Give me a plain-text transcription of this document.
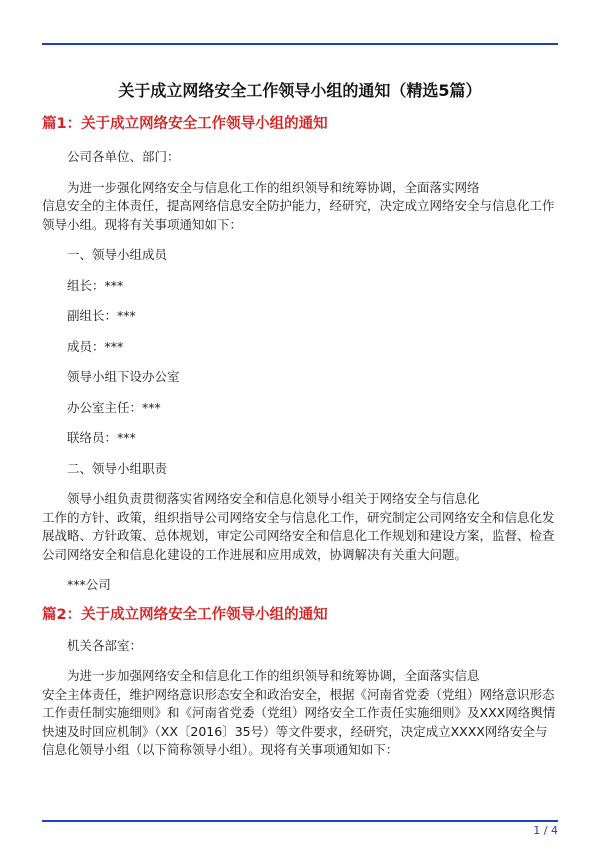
关于成立网络安全工作领导小组的通知（精选5篇）
篇1：关于成立网络安全工作领导小组的通知

公司各单位、部门：

为进一步强化网络安全与信息化工作的组织领导和统筹协调，全面落实网络
信息安全的主体责任，提高网络信息安全防护能力，经研究，决定成立网络安全与信息化工作领导小组。现将有关事项通知如下：

一、领导小组成员

组长：***

副组长：***

成员：***

领导小组下设办公室

办公室主任：***

联络员：***

二、领导小组职责

领导小组负责贯彻落实省网络安全和信息化领导小组关于网络安全与信息化
工作的方针、政策，组织指导公司网络安全与信息化工作，研究制定公司网络安全和信息化发展战略、方针政策、总体规划，审定公司网络安全和信息化工作规划和建设方案，监督、检查公司网络安全和信息化建设的工作进展和应用成效，协调解决有关重大问题。

***公司

篇2：关于成立网络安全工作领导小组的通知

机关各部室：

为进一步加强网络安全和信息化工作的组织领导和统筹协调，全面落实信息
安全主体责任，维护网络意识形态安全和政治安全，根据《河南省党委（党组）网络意识形态工作责任制实施细则》和《河南省党委（党组）网络安全工作责任实施细则》及XXX网络舆情快速及时回应机制》（XX〔2016〕35号）等文件要求，经研究，决定成立XXXX网络安全与信息化领导小组（以下简称领导小组）。现将有关事项通知如下：

1 / 4
